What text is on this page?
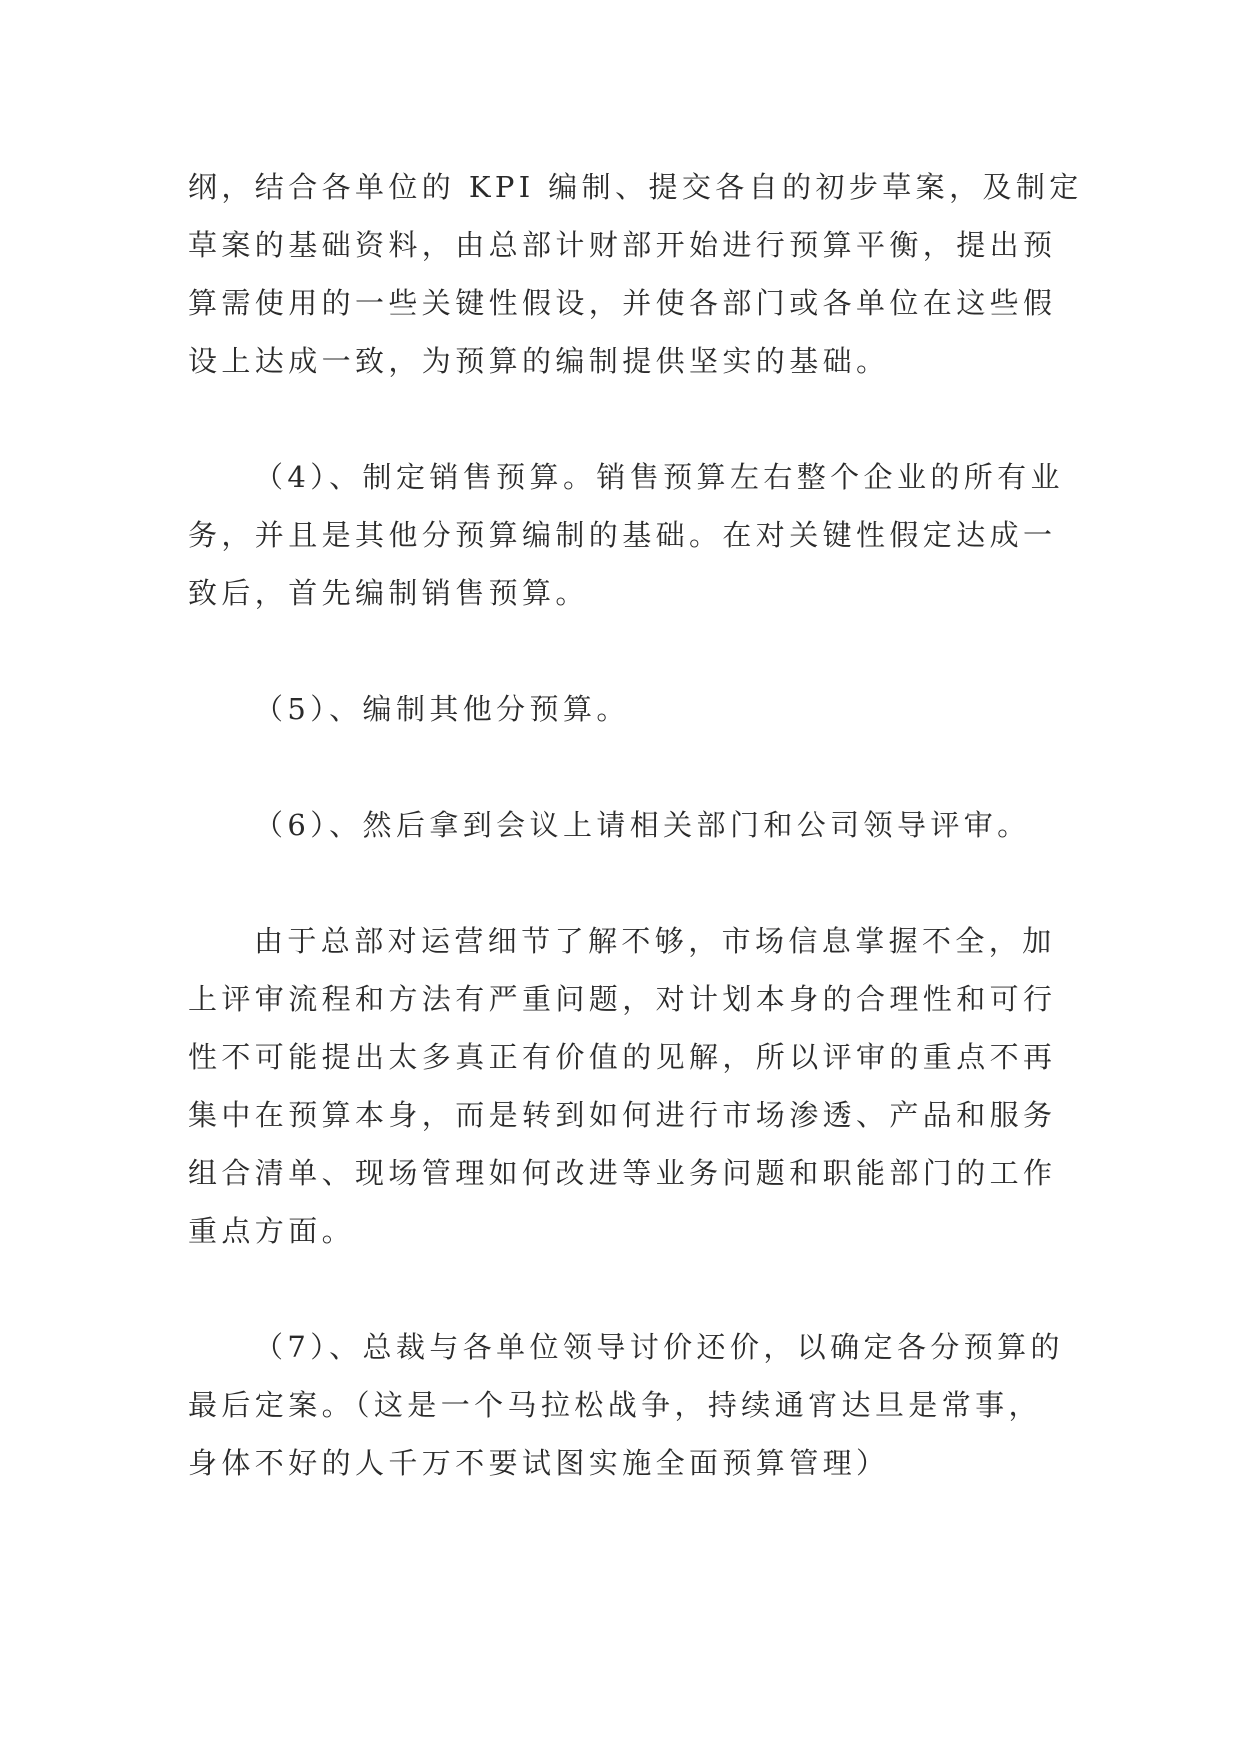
纲，结合各单位的 KPI 编制、提交各自的初步草案，及制定
草案的基础资料，由总部计财部开始进行预算平衡，提出预
算需使用的一些关键性假设，并使各部门或各单位在这些假
设上达成一致，为预算的编制提供坚实的基础。

（4）、制定销售预算。销售预算左右整个企业的所有业
务，并且是其他分预算编制的基础。在对关键性假定达成一
致后，首先编制销售预算。

（5）、编制其他分预算。

（6）、然后拿到会议上请相关部门和公司领导评审。

由于总部对运营细节了解不够，市场信息掌握不全，加
上评审流程和方法有严重问题，对计划本身的合理性和可行
性不可能提出太多真正有价值的见解，所以评审的重点不再
集中在预算本身，而是转到如何进行市场渗透、产品和服务
组合清单、现场管理如何改进等业务问题和职能部门的工作
重点方面。

（7）、总裁与各单位领导讨价还价，以确定各分预算的
最后定案。（这是一个马拉松战争，持续通宵达旦是常事，
身体不好的人千万不要试图实施全面预算管理）
